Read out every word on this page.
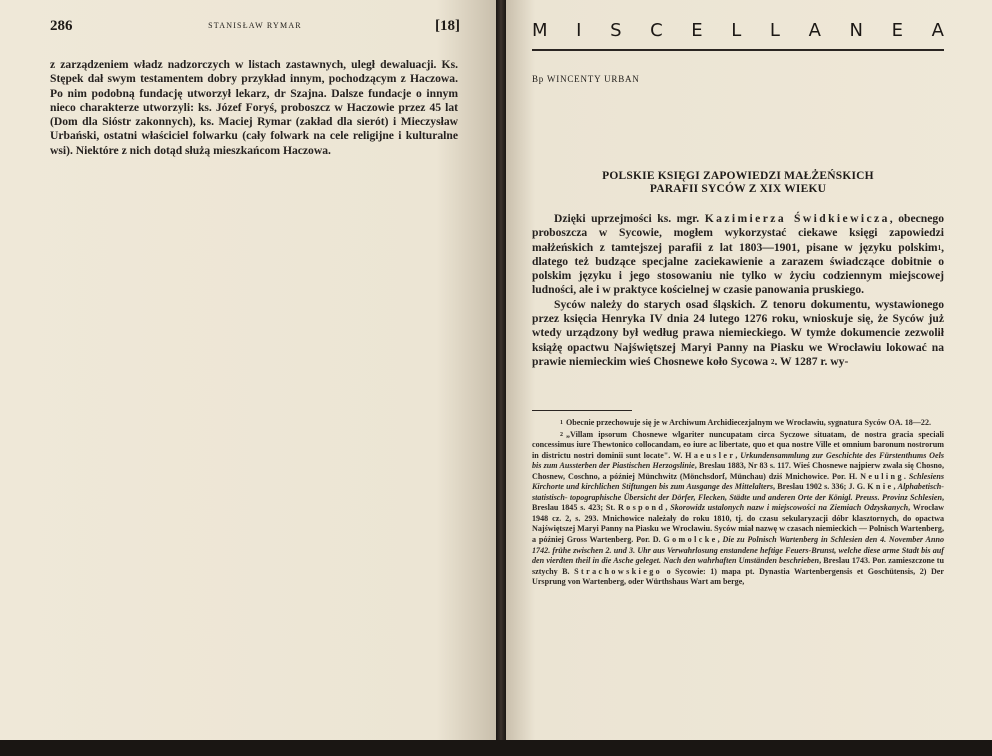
286	STANISŁAW RYMAR	[18]

z zarządzeniem władz nadzorczych w listach zastawnych, uległ dewaluacji. Ks. Stępek dał swym testamentem dobry przykład innym, pochodzącym z Haczowa. Po nim podobną fundację utworzył lekarz, dr Szajna. Dalsze fundacje o innym nieco charakterze utworzyli: ks. Józef Foryś, proboszcz w Haczowie przez 45 lat (Dom dla Sióstr zakonnych), ks. Maciej Rymar (zakład dla sierót) i Mieczysław Urbański, ostatni właściciel folwarku (cały folwark na cele religijne i kulturalne wsi). Niektóre z nich dotąd służą mieszkańcom Haczowa.

M I S C E L L A N E A
Bp WINCENTY URBAN
POLSKIE KSIĘGI ZAPOWIEDZI MAŁŻEŃSKICH
PARAFII SYCÓW Z XIX WIEKU

Dzięki uprzejmości ks. mgr. Kazimierza Świdkiewicza, obecnego proboszcza w Sycowie, mogłem wykorzystać ciekawe księgi zapowiedzi małżeńskich z tamtejszej parafii z lat 1803—1901, pisane w języku polskim$^1$, dlatego też budzące specjalne zaciekawienie a zarazem świadczące dobitnie o polskim języku i jego stosowaniu nie tylko w życiu codziennym miejscowej ludności, ale i w praktyce kościelnej w czasie panowania pruskiego.

Syców należy do starych osad śląskich. Z tenoru dokumentu, wystawionego przez księcia Henryka IV dnia 24 lutego 1276 roku, wnioskuje się, że Syców już wtedy urządzony był według prawa niemieckiego. W tymże dokumencie zezwolił książę opactwu Najświętszej Maryi Panny na Piasku we Wrocławiu lokować na prawie niemieckim wieś Chosnewe koło Sycowa $^2$. W 1287 r. wy-

1 Obecnie przechowuje się je w Archiwum Archidiecezjalnym we Wrocławiu, sygnatura Syców OA. 18—22.

2 „Villam ipsorum Chosnewe wlgariter nuncupatam circa Syczowe situatam, de nostra gracia speciali concessimus iure Thewtonico collocandam, eo iure ac libertate, quo et qua nostre Ville et omnium baronum nostrorum in districtu nostri dominii sunt locate". W. Haeusler, Urkundensammlung zur Geschichte des Fürstenthums Oels bis zum Aussterben der Piastischen Herzogslinie, Breslau 1883, Nr 83 s. 117. Wieś Chosnewe najpierw zwała się Chosno, Chosnew, Coschno, a później Münchwitz (Mönchsdorf, Münchau) dziś Mnichowice. Por. H. Neuling. Schlesiens Kirchorte und kirchlichen Stiftungen bis zum Ausgange des Mittelalters, Breslau 1902 s. 336; J. G. Knie, Alphabetisch-statistisch- topographische Übersicht der Dörfer, Flecken, Städte und anderen Orte der Königl. Preuss. Provinz Schlesien, Breslau 1845 s. 423; St. Rospond, Skorowidz ustalonych nazw i miejscowości na Ziemiach Odzyskanych, Wrocław 1948 cz. 2, s. 293. Mnichowice należały do roku 1810, tj. do czasu sekularyzacji dóbr klasztornych, do opactwa Najświętszej Maryi Panny na Piasku we Wrocławiu. Syców miał nazwę w czasach niemieckich — Polnisch Wartenberg, a później Gross Wartenberg. Por. D. Gomolcke, Die zu Polnisch Wartenberg in Schlesien den 4. November Anno 1742. frühe zwischen 2. und 3. Uhr aus Verwahrlosung enstandene heftige Feuers-Brunst, welche diese arme Stadt bis auf den vierdten theil in die Asche geleget. Nach den wahrhaften Umständen beschrieben, Breslau 1743. Por. zamieszczone tu sztychy B. Strachowskiego o Sycowie: 1) mapa pt. Dynastia Wartenbergensis et Goschütensis, 2) Der Ursprung von Wartenberg, oder Würthshaus Wart am berge,
